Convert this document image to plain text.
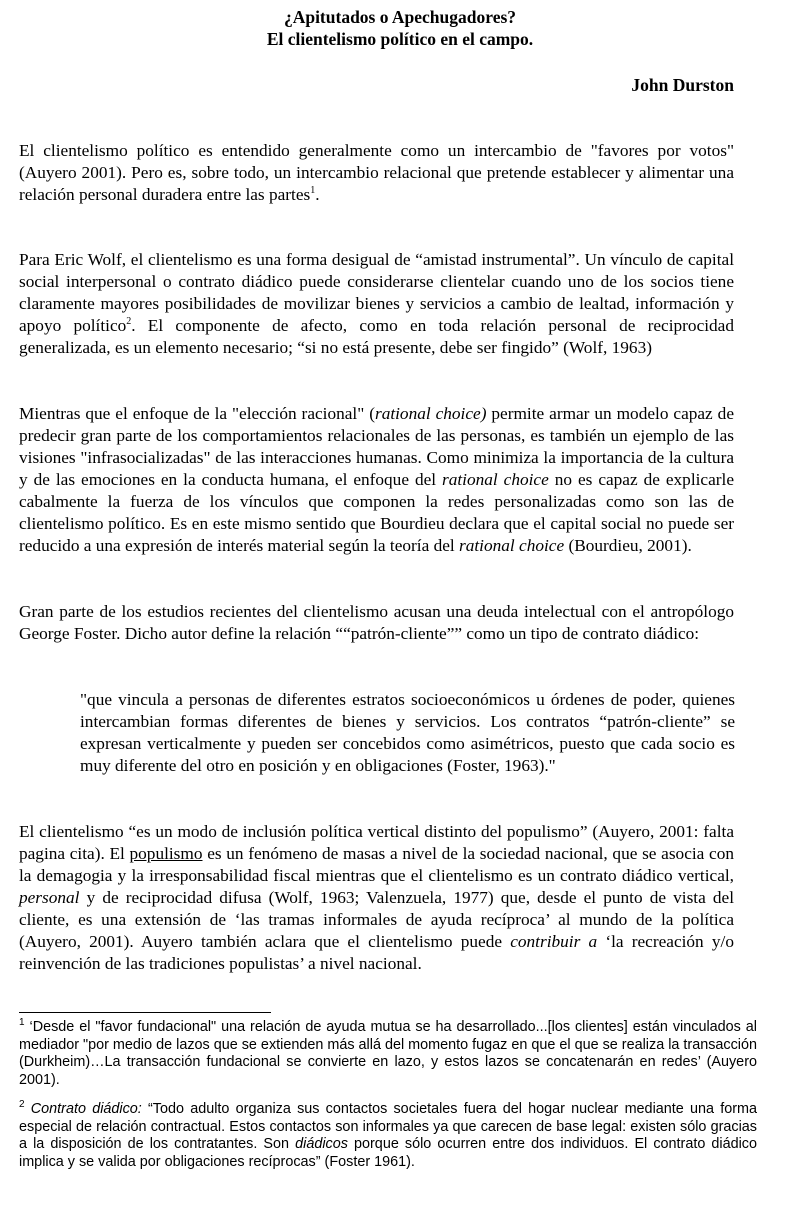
¿Apitutados o Apechugadores?
El clientelismo político en el campo.
John Durston
El clientelismo político es entendido generalmente como un intercambio de "favores por votos" (Auyero 2001). Pero es, sobre todo, un intercambio relacional que pretende establecer y alimentar una relación personal duradera entre las partes$^1$.
Para Eric Wolf, el clientelismo es una forma desigual de “amistad instrumental”. Un vínculo de capital social interpersonal o contrato diádico puede considerarse clientelar cuando uno de los socios tiene claramente mayores posibilidades de movilizar bienes y servicios a cambio de lealtad, información y apoyo político$^2$. El componente de afecto, como en toda relación personal de reciprocidad generalizada, es un elemento necesario; “si no está presente, debe ser fingido” (Wolf, 1963)
Mientras que el enfoque de la "elección racional" (rational choice) permite armar un modelo capaz de predecir gran parte de los comportamientos relacionales de las personas, es también un ejemplo de las visiones "infrasocializadas" de las interacciones humanas. Como minimiza la importancia de la cultura y de las emociones en la conducta humana, el enfoque del rational choice no es capaz de explicarle cabalmente la fuerza de los vínculos que componen la redes personalizadas como son las de clientelismo político. Es en este mismo sentido que Bourdieu declara que el capital social no puede ser reducido a una expresión de interés material según la teoría del rational choice (Bourdieu, 2001).
Gran parte de los estudios recientes del clientelismo acusan una deuda intelectual con el antropólogo George Foster. Dicho autor define la relación ““patrón-cliente”” como un tipo de contrato diádico:
"que vincula a personas de diferentes estratos socioeconómicos u órdenes de poder, quienes intercambian formas diferentes de bienes y servicios. Los contratos “patrón-cliente” se expresan verticalmente y pueden ser concebidos como asimétricos, puesto que cada socio es muy diferente del otro en posición y en obligaciones (Foster, 1963)."
El clientelismo “es un modo de inclusión política vertical distinto del populismo” (Auyero, 2001: falta pagina cita). El populismo es un fenómeno de masas a nivel de la sociedad nacional, que se asocia con la demagogia y la irresponsabilidad fiscal mientras que el clientelismo es un contrato diádico vertical, personal y de reciprocidad difusa (Wolf, 1963; Valenzuela, 1977) que, desde el punto de vista del cliente, es una extensión de ‘las tramas informales de ayuda recíproca’ al mundo de la política (Auyero, 2001). Auyero también aclara que el clientelismo puede contribuir a ‘la recreación y/o reinvención de las tradiciones populistas’ a nivel nacional.
$^1$ ‘Desde el "favor fundacional" una relación de ayuda mutua se ha desarrollado...[los clientes] están vinculados al mediador "por medio de lazos que se extienden más allá del momento fugaz en que el que se realiza la transacción (Durkheim)…La transacción fundacional se convierte en lazo, y estos lazos se concatenarán en redes’ (Auyero 2001).
$^2$ Contrato diádico: “Todo adulto organiza sus contactos societales fuera del hogar nuclear mediante una forma especial de relación contractual. Estos contactos son informales ya que carecen de base legal: existen sólo gracias a la disposición de los contratantes. Son diádicos porque sólo ocurren entre dos individuos. El contrato diádico implica y se valida por obligaciones recíprocas” (Foster 1961).
